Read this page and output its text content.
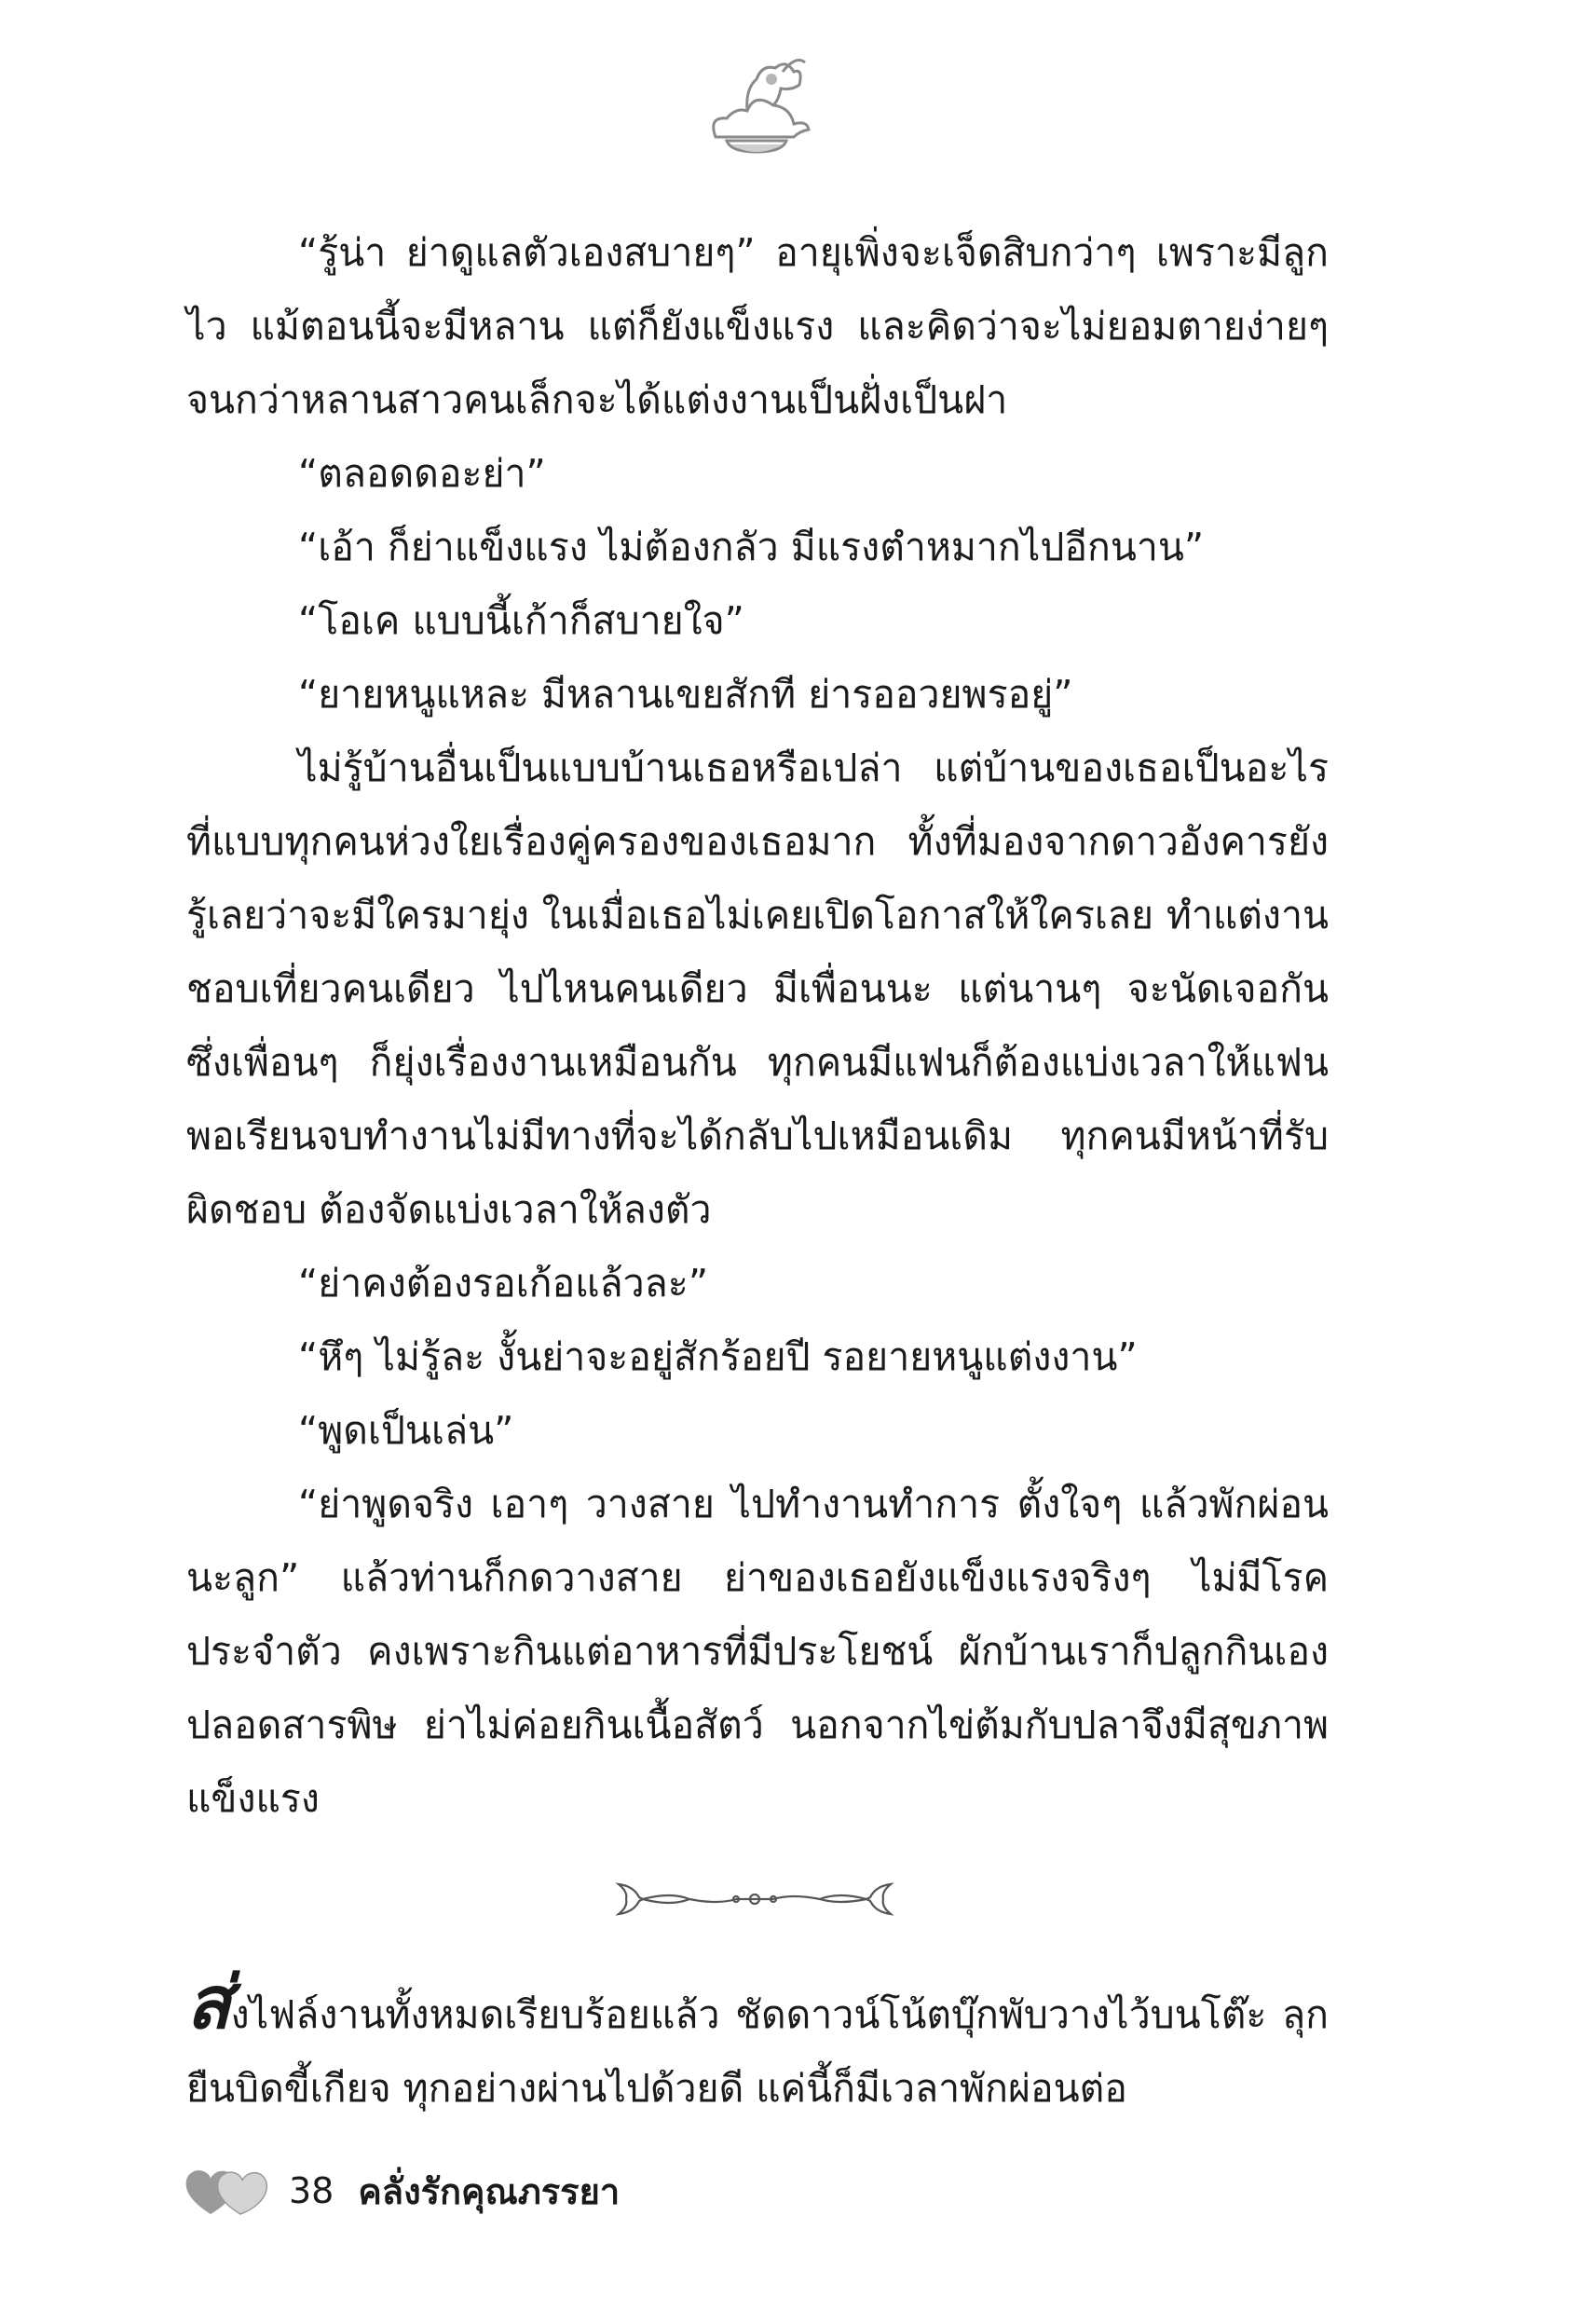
“รู้น่า ย่าดูแลตัวเองสบายๆ” อายุเพิ่งจะเจ็ดสิบกว่าๆ เพราะมีลูกไว แม้ตอนนี้จะมีหลาน แต่ก็ยังแข็งแรง และคิดว่าจะไม่ยอมตายง่ายๆ จนกว่าหลานสาวคนเล็กจะได้แต่งงานเป็นฝั่งเป็นฝา

“ตลอดดอะย่า”

“เอ้า ก็ย่าแข็งแรง ไม่ต้องกลัว มีแรงตำหมากไปอีกนาน”

“โอเค แบบนี้เก้าก็สบายใจ”

“ยายหนูแหละ มีหลานเขยสักที ย่ารออวยพรอยู่”

ไม่รู้บ้านอื่นเป็นแบบบ้านเธอหรือเปล่า แต่บ้านของเธอเป็นอะไรที่แบบทุกคนห่วงใยเรื่องคู่ครองของเธอมาก ทั้งที่มองจากดาวอังคารยังรู้เลยว่าจะมีใครมายุ่ง ในเมื่อเธอไม่เคยเปิดโอกาสให้ใครเลย ทำแต่งาน ชอบเที่ยวคนเดียว ไปไหนคนเดียว มีเพื่อนนะ แต่นานๆ จะนัดเจอกัน ซึ่งเพื่อนๆ ก็ยุ่งเรื่องงานเหมือนกัน ทุกคนมีแฟนก็ต้องแบ่งเวลาให้แฟน พอเรียนจบทำงานไม่มีทางที่จะได้กลับไปเหมือนเดิม ทุกคนมีหน้าที่รับผิดชอบ ต้องจัดแบ่งเวลาให้ลงตัว

“ย่าคงต้องรอเก้อแล้วละ”

“หึๆ ไม่รู้ละ งั้นย่าจะอยู่สักร้อยปี รอยายหนูแต่งงาน”

“พูดเป็นเล่น”

“ย่าพูดจริง เอาๆ วางสาย ไปทำงานทำการ ตั้งใจๆ แล้วพักผ่อนนะลูก” แล้วท่านก็กดวางสาย ย่าของเธอยังแข็งแรงจริงๆ ไม่มีโรคประจำตัว คงเพราะกินแต่อาหารที่มีประโยชน์ ผักบ้านเราก็ปลูกกินเองปลอดสารพิษ ย่าไม่ค่อยกินเนื้อสัตว์ นอกจากไข่ต้มกับปลาจึงมีสุขภาพแข็งแรง

ส่งไฟล์งานทั้งหมดเรียบร้อยแล้ว ชัดดาวน์โน้ตบุ๊กพับวางไว้บนโต๊ะ ลุกยืนบิดขี้เกียจ ทุกอย่างผ่านไปด้วยดี แค่นี้ก็มีเวลาพักผ่อนต่อ

38 คลั่งรักคุณภรรยา
